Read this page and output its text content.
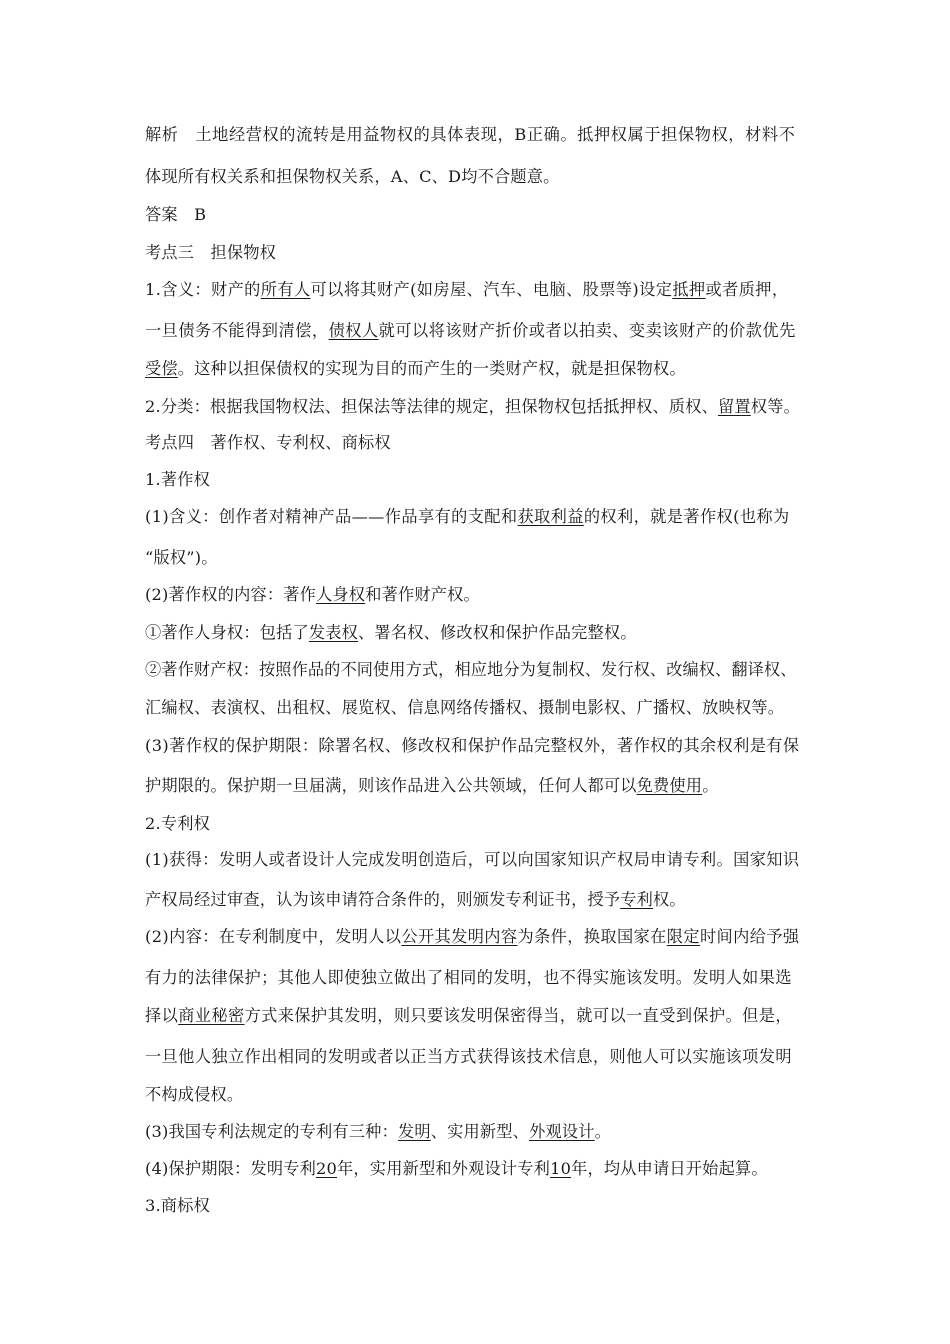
解析　土地经营权的流转是用益物权的具体表现，B正确。抵押权属于担保物权，材料不
体现所有权关系和担保物权关系，A、C、D均不合题意。
答案　B
考点三　担保物权
1.含义：财产的所有人可以将其财产(如房屋、汽车、电脑、股票等)设定抵押或者质押，
一旦债务不能得到清偿，债权人就可以将该财产折价或者以拍卖、变卖该财产的价款优先
受偿。这种以担保债权的实现为目的而产生的一类财产权，就是担保物权。
2.分类：根据我国物权法、担保法等法律的规定，担保物权包括抵押权、质权、留置权等。
考点四　著作权、专利权、商标权
1.著作权
(1)含义：创作者对精神产品——作品享有的支配和获取利益的权利，就是著作权(也称为
“版权”)。
(2)著作权的内容：著作人身权和著作财产权。
①著作人身权：包括了发表权、署名权、修改权和保护作品完整权。
②著作财产权：按照作品的不同使用方式，相应地分为复制权、发行权、改编权、翻译权、
汇编权、表演权、出租权、展览权、信息网络传播权、摄制电影权、广播权、放映权等。
(3)著作权的保护期限：除署名权、修改权和保护作品完整权外，著作权的其余权利是有保
护期限的。保护期一旦届满，则该作品进入公共领域，任何人都可以免费使用。
2.专利权
(1)获得：发明人或者设计人完成发明创造后，可以向国家知识产权局申请专利。国家知识
产权局经过审查，认为该申请符合条件的，则颁发专利证书，授予专利权。
(2)内容：在专利制度中，发明人以公开其发明内容为条件，换取国家在限定时间内给予强
有力的法律保护；其他人即使独立做出了相同的发明，也不得实施该发明。发明人如果选
择以商业秘密方式来保护其发明，则只要该发明保密得当，就可以一直受到保护。但是，
一旦他人独立作出相同的发明或者以正当方式获得该技术信息，则他人可以实施该项发明
不构成侵权。
(3)我国专利法规定的专利有三种：发明、实用新型、外观设计。
(4)保护期限：发明专利20年，实用新型和外观设计专利10年，均从申请日开始起算。
3.商标权
